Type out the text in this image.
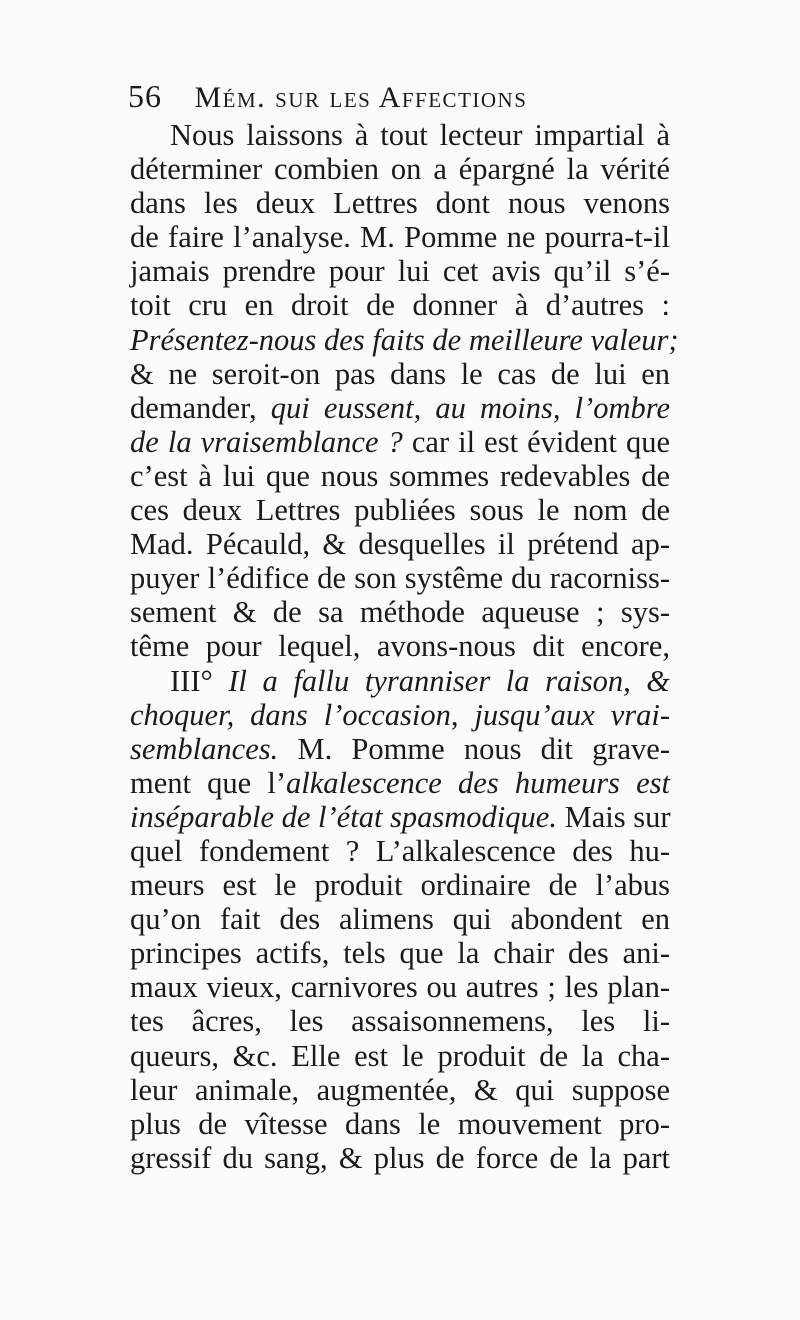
56 Mém. sur les Affections
Nous laissons à tout lecteur impartial à
déterminer combien on a épargné la vérité
dans les deux Lettres dont nous venons
de faire l’analyse. M. Pomme ne pourra-t-il
jamais prendre pour lui cet avis qu’il s’é-
toit cru en droit de donner à d’autres :
Présentez-nous des faits de meilleure valeur;
& ne seroit-on pas dans le cas de lui en
demander, qui eussent, au moins, l’ombre
de la vraisemblance ? car il est évident que
c’est à lui que nous sommes redevables de
ces deux Lettres publiées sous le nom de
Mad. Pécauld, & desquelles il prétend ap-
puyer l’édifice de son systême du racorniss-
sement & de sa méthode aqueuse ; sys-
tême pour lequel, avons-nous dit encore,
III° Il a fallu tyranniser la raison, &
choquer, dans l’occasion, jusqu’aux vrai-
semblances. M. Pomme nous dit grave-
ment que l’alkalescence des humeurs est
inséparable de l’état spasmodique. Mais sur
quel fondement ? L’alkalescence des hu-
meurs est le produit ordinaire de l’abus
qu’on fait des alimens qui abondent en
principes actifs, tels que la chair des ani-
maux vieux, carnivores ou autres ; les plan-
tes âcres, les assaisonnemens, les li-
queurs, &c. Elle est le produit de la cha-
leur animale, augmentée, & qui suppose
plus de vîtesse dans le mouvement pro-
gressif du sang, & plus de force de la part
